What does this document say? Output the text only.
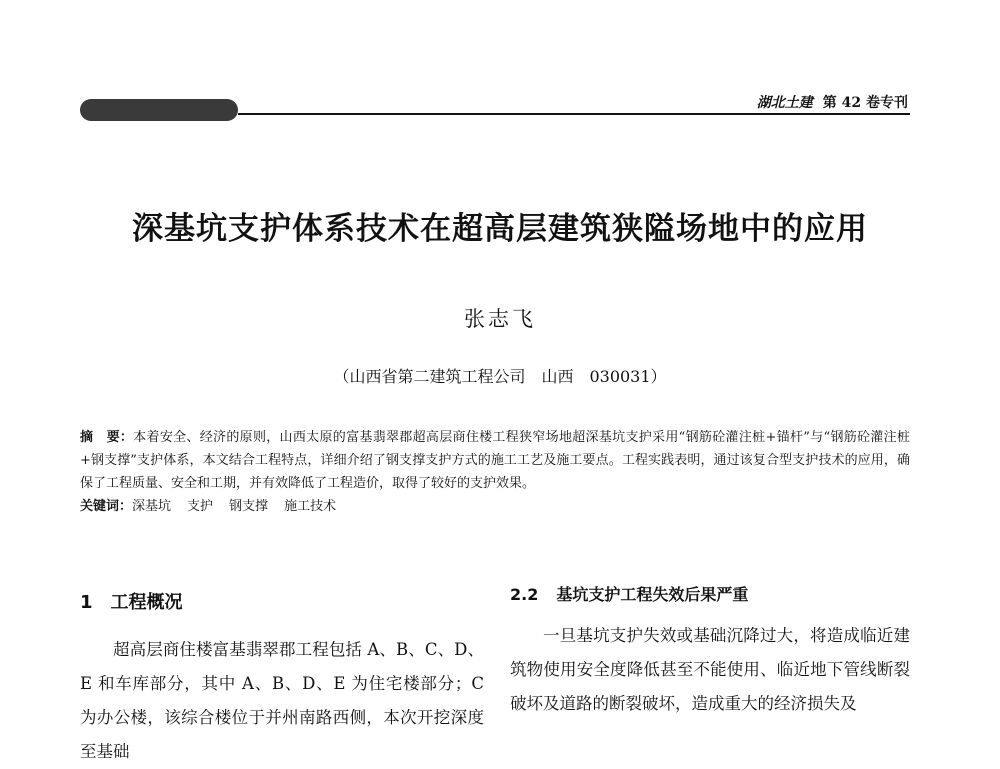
湖北土建 第 42 卷专刊
深基坑支护体系技术在超高层建筑狭隘场地中的应用
张志飞
（山西省第二建筑工程公司　山西　030031）
摘　要：本着安全、经济的原则，山西太原的富基翡翠郡超高层商住楼工程狭窄场地超深基坑支护采用“钢筋砼灌注桩+锚杆”与“钢筋砼灌注桩+钢支撑”支护体系，本文结合工程特点，详细介绍了钢支撑支护方式的施工工艺及施工要点。工程实践表明，通过该复合型支护技术的应用，确保了工程质量、安全和工期，并有效降低了工程造价，取得了较好的支护效果。
关键词：深基坑 支护 钢支撑 施工技术
1 工程概况

超高层商住楼富基翡翠郡工程包括 A、B、C、D、E 和车库部分，其中 A、B、D、E 为住宅楼部分；C 为办公楼，该综合楼位于并州南路西侧，本次开挖深度至基础

2.2 基坑支护工程失效后果严重

一旦基坑支护失效或基础沉降过大，将造成临近建筑物使用安全度降低甚至不能使用、临近地下管线断裂破坏及道路的断裂破坏，造成重大的经济损失及
